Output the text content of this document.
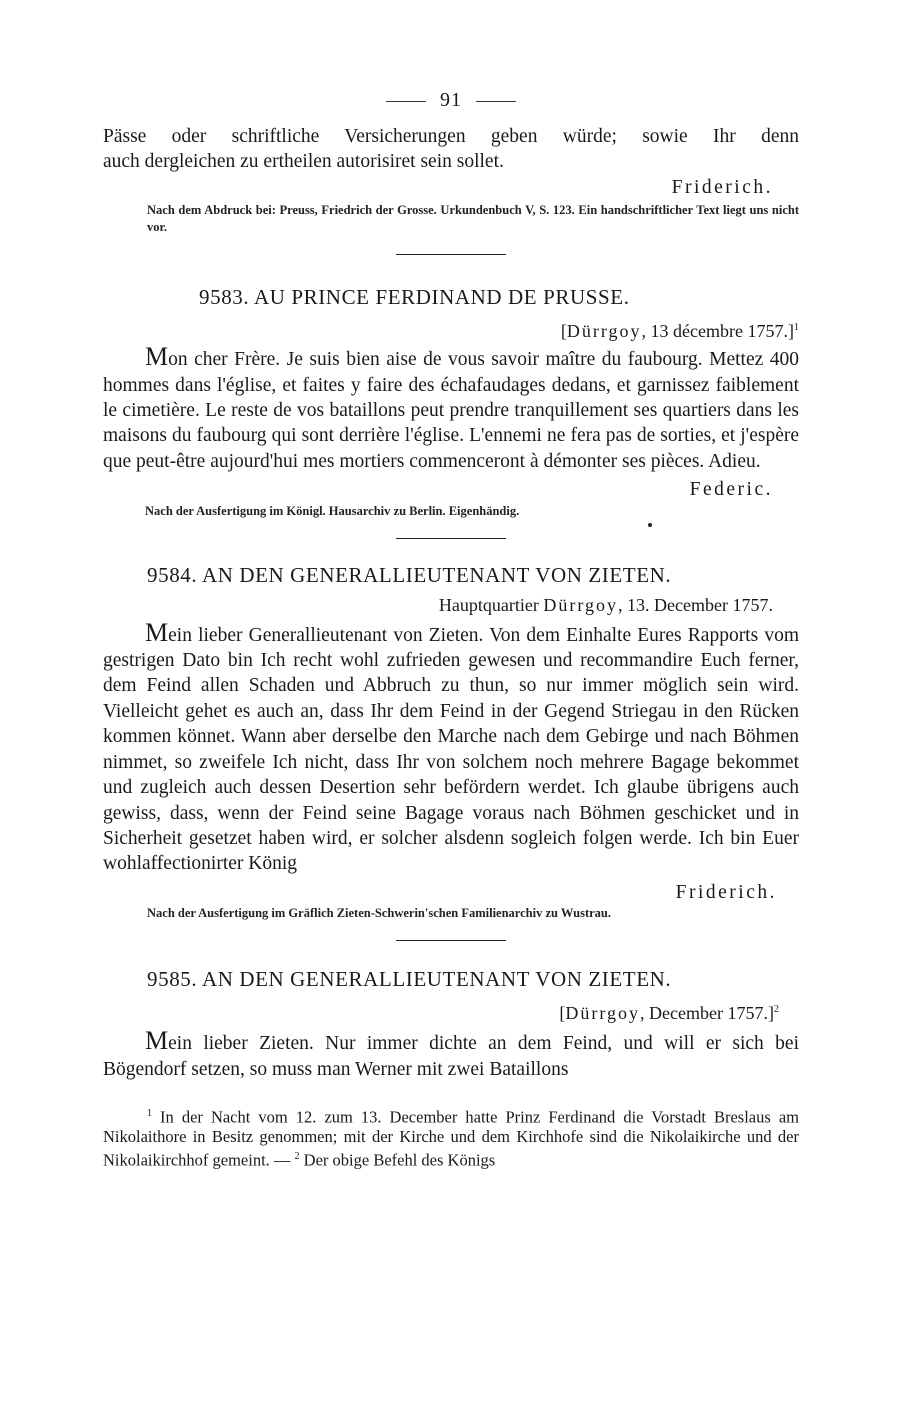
91

Pässe oder schriftliche Versicherungen geben würde; sowie Ihr denn

auch dergleichen zu ertheilen autorisiret sein sollet.

Friderich.

Nach dem Abdruck bei: Preuss, Friedrich der Grosse. Urkundenbuch V, S. 123. Ein handschriftlicher Text liegt uns nicht vor.

9583. AU PRINCE FERDINAND DE PRUSSE.
[Dürrgoy, 13 décembre 1757.]$^1$
Mon cher Frère. Je suis bien aise de vous savoir maître du faubourg. Mettez 400 hommes dans l'église, et faites y faire des échafaudages dedans, et garnissez faiblement le cimetière. Le reste de vos bataillons peut prendre tranquillement ses quartiers dans les maisons du faubourg qui sont derrière l'église. L'ennemi ne fera pas de sorties, et j'espère que peut-être aujourd'hui mes mortiers commenceront à démonter ses pièces. Adieu.
Federic.

Nach der Ausfertigung im Königl. Hausarchiv zu Berlin. Eigenhändig.

9584. AN DEN GENERALLIEUTENANT VON ZIETEN.
Hauptquartier Dürrgoy, 13. December 1757.
Mein lieber Generallieutenant von Zieten. Von dem Einhalte Eures Rapports vom gestrigen Dato bin Ich recht wohl zufrieden gewesen und recommandire Euch ferner, dem Feind allen Schaden und Abbruch zu thun, so nur immer möglich sein wird. Vielleicht gehet es auch an, dass Ihr dem Feind in der Gegend Striegau in den Rücken kommen könnet. Wann aber derselbe den Marche nach dem Gebirge und nach Böhmen nimmet, so zweifele Ich nicht, dass Ihr von solchem noch mehrere Bagage bekommet und zugleich auch dessen Desertion sehr befördern werdet. Ich glaube übrigens auch gewiss, dass, wenn der Feind seine Bagage voraus nach Böhmen geschicket und in Sicherheit gesetzet haben wird, er solcher alsdenn sogleich folgen werde. Ich bin Euer wohlaffectionirter König
Friderich.

Nach der Ausfertigung im Gräflich Zieten-Schwerin'schen Familienarchiv zu Wustrau.

9585. AN DEN GENERALLIEUTENANT VON ZIETEN.
[Dürrgoy, December 1757.]$^2$
Mein lieber Zieten. Nur immer dichte an dem Feind, und will er sich bei Bögendorf setzen, so muss man Werner mit zwei Bataillons
$^1$ In der Nacht vom 12. zum 13. December hatte Prinz Ferdinand die Vorstadt Breslaus am Nikolaithore in Besitz genommen; mit der Kirche und dem Kirchhofe sind die Nikolaikirche und der Nikolaikirchhof gemeint. — $^2$ Der obige Befehl des Königs
